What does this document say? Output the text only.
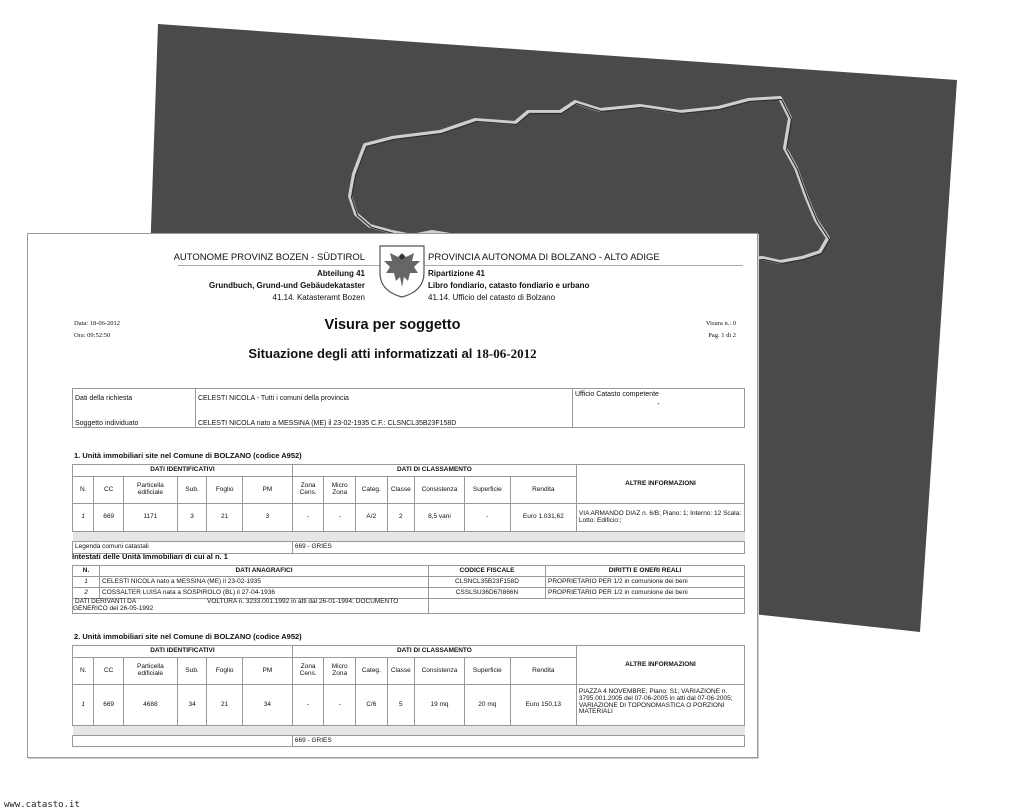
AUTONOME PROVINZ BOZEN - SÜDTIROL	PROVINCIA AUTONOMA DI BOLZANO - ALTO ADIGE
Abteilung 41	Ripartizione 41
Grundbuch, Grund-und Gebäudekataster	Libro fondiario, catasto fondiario e urbano
41.14. Katasteramt Bozen	41.14. Ufficio del catasto di Bolzano
Data: 18-06-2012
Ora: 09:52:50
Visura n.: 0
Pag. 1 di 2
Visura per soggetto
Situazione degli atti informatizzati al 18-06-2012
Dati della richiesta	CELESTI NICOLA - Tutti i comuni della provincia	Ufficio Catasto competente
-

Soggetto individuato	CELESTI NICOLA nato a MESSINA (ME) il 23-02-1935 C.F.: CLSNCL35B23F158D	
1. Unità immobiliari site nel Comune di BOLZANO (codice A952)
DATI IDENTIFICATIVI						DATI DI CLASSAMENTO							ALTRE INFORMAZIONI
N.	CC	Particella edificiale	Sub.	Foglio	PM	Zona Cens.	Micro Zona	Categ.	Classe	Consistenza	Superficie	Rendita	
1	669	1171	3	21	3	-	-	A/2	2	8,5 vani	-	Euro 1.031,62	VIA ARMANDO DIAZ n. 6/B; Piano: 1; Interno: 12 Scala: Lotto: Edificio:;

Legenda comuni catastali						669 - GRIES							
Intestati delle Unità Immobiliari di cui al n. 1
N.	DATI ANAGRAFICI	CODICE FISCALE	DIRITTI E ONERI REALI
1	CELESTI NICOLA nato a MESSINA (ME) il 23-02-1935	CLSNCL35B23F158D	PROPRIETARIO PER 1/2 in comunione dei beni
2	COSSALTER LUISA nata a SOSPIROLO (BL) il 27-04-1936	CSSLSU36D67I866N	PROPRIETARIO PER 1/2 in comunione dei beni
DATI DERIVANTI DA VOLTURA n. 3233.001.1992 in atti dal 26-01-1994; DOCUMENTO GENERICO del 26-05-1992			
2. Unità immobiliari site nel Comune di BOLZANO (codice A952)
DATI IDENTIFICATIVI						DATI DI CLASSAMENTO							ALTRE INFORMAZIONI
N.	CC	Particella edificiale	Sub.	Foglio	PM	Zona Cens.	Micro Zona	Categ.	Classe	Consistenza	Superficie	Rendita	
1	669	4688	34	21	34	-	-	C/6	5	19 mq	20 mq	Euro 150,13	PIAZZA 4 NOVEMBRE; Piano: S1; VARIAZIONE n. 3795.001.2005 del 07-06-2005 in atti dal 07-06-2005; VARIAZIONE DI TOPONOMASTICA O PORZIONI MATERIALI

						669 - GRIES							
www.catasto.it
